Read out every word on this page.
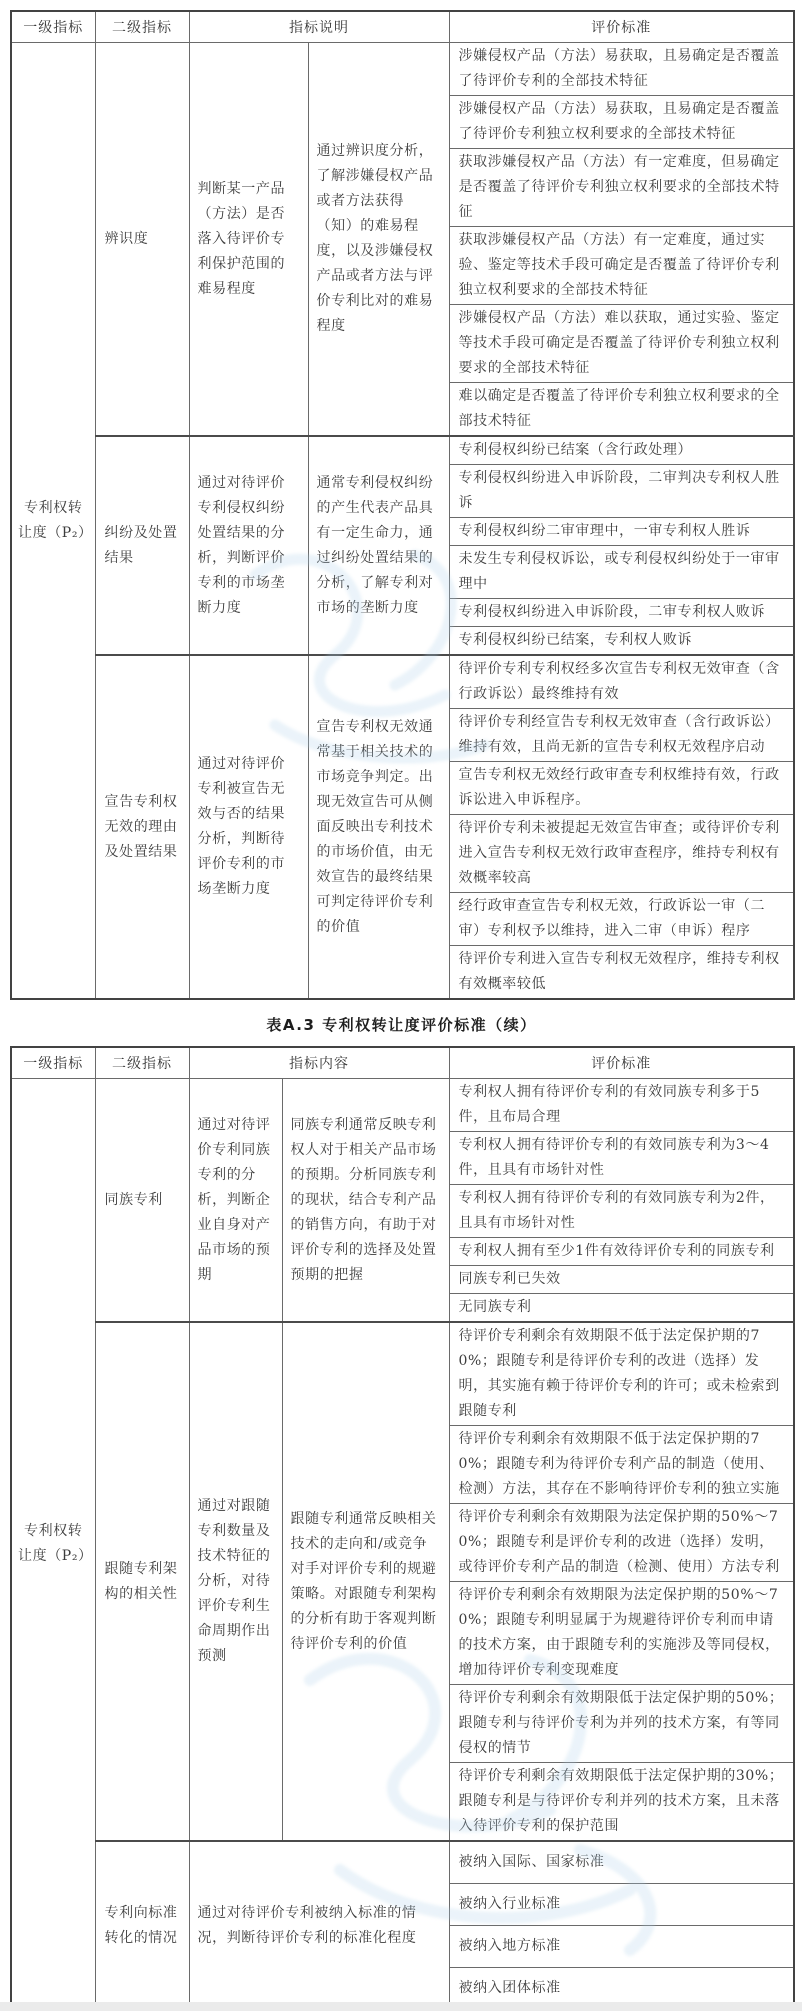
一级指标	二级指标	指标说明		评价标准
专利权转让度（P₂）	辨识度	判断某一产品（方法）是否落入待评价专利保护范围的难易程度	通过辨识度分析，了解涉嫌侵权产品或者方法获得（知）的难易程度，以及涉嫌侵权产品或者方法与评价专利比对的难易程度	涉嫌侵权产品（方法）易获取，且易确定是否覆盖了待评价专利的全部技术特征
				涉嫌侵权产品（方法）易获取，且易确定是否覆盖了待评价专利独立权利要求的全部技术特征
				获取涉嫌侵权产品（方法）有一定难度，但易确定是否覆盖了待评价专利独立权利要求的全部技术特征
				获取涉嫌侵权产品（方法）有一定难度，通过实验、鉴定等技术手段可确定是否覆盖了待评价专利独立权利要求的全部技术特征
				涉嫌侵权产品（方法）难以获取，通过实验、鉴定等技术手段可确定是否覆盖了待评价专利独立权利要求的全部技术特征
				难以确定是否覆盖了待评价专利独立权利要求的全部技术特征
	纠纷及处置结果	通过对待评价专利侵权纠纷处置结果的分析，判断评价专利的市场垄断力度	通常专利侵权纠纷的产生代表产品具有一定生命力，通过纠纷处置结果的分析，了解专利对市场的垄断力度	专利侵权纠纷已结案（含行政处理）
				专利侵权纠纷进入申诉阶段，二审判决专利权人胜诉
				专利侵权纠纷二审审理中，一审专利权人胜诉
				未发生专利侵权诉讼，或专利侵权纠纷处于一审审理中
				专利侵权纠纷进入申诉阶段，二审专利权人败诉
				专利侵权纠纷已结案，专利权人败诉
	宣告专利权无效的理由及处置结果	通过对待评价专利被宣告无效与否的结果分析，判断待评价专利的市场垄断力度	宣告专利权无效通常基于相关技术的市场竞争判定。出现无效宣告可从侧面反映出专利技术的市场价值，由无效宣告的最终结果可判定待评价专利的价值	待评价专利专利权经多次宣告专利权无效审查（含行政诉讼）最终维持有效
				待评价专利经宣告专利权无效审查（含行政诉讼）维持有效，且尚无新的宣告专利权无效程序启动
				宣告专利权无效经行政审查专利权维持有效，行政诉讼进入申诉程序。
				待评价专利未被提起无效宣告审查；或待评价专利进入宣告专利权无效行政审查程序，维持专利权有效概率较高
				经行政审查宣告专利权无效，行政诉讼一审（二审）专利权予以维持，进入二审（申诉）程序
				待评价专利进入宣告专利权无效程序，维持专利权有效概率较低
表A.3 专利权转让度评价标准（续）
一级指标	二级指标	指标内容		评价标准
专利权转让度（P₂）	同族专利	通过对待评价专利同族专利的分析，判断企业自身对产品市场的预期	同族专利通常反映专利权人对于相关产品市场的预期。分析同族专利的现状，结合专利产品的销售方向，有助于对评价专利的选择及处置预期的把握	专利权人拥有待评价专利的有效同族专利多于5件，且布局合理
				专利权人拥有待评价专利的有效同族专利为3～4件，且具有市场针对性
				专利权人拥有待评价专利的有效同族专利为2件，且具有市场针对性
				专利权人拥有至少1件有效待评价专利的同族专利
				同族专利已失效
				无同族专利
	跟随专利架构的相关性	通过对跟随专利数量及技术特征的分析，对待评价专利生命周期作出预测	跟随专利通常反映相关技术的走向和/或竞争对手对评价专利的规避策略。对跟随专利架构的分析有助于客观判断待评价专利的价值	待评价专利剩余有效期限不低于法定保护期的70%；跟随专利是待评价专利的改进（选择）发明，其实施有赖于待评价专利的许可；或未检索到跟随专利
				待评价专利剩余有效期限不低于法定保护期的70%；跟随专利为待评价专利产品的制造（使用、检测）方法，其存在不影响待评价专利的独立实施
				待评价专利剩余有效期限为法定保护期的50%～70%；跟随专利是评价专利的改进（选择）发明，或待评价专利产品的制造（检测、使用）方法专利
				待评价专利剩余有效期限为法定保护期的50%～70%；跟随专利明显属于为规避待评价专利而申请的技术方案，由于跟随专利的实施涉及等同侵权，增加待评价专利变现难度
				待评价专利剩余有效期限低于法定保护期的50%；跟随专利与待评价专利为并列的技术方案，有等同侵权的情节
				待评价专利剩余有效期限低于法定保护期的30%；跟随专利是与待评价专利并列的技术方案，且未落入待评价专利的保护范围
	专利向标准转化的情况	通过对待评价专利被纳入标准的情况，判断待评价专利的标准化程度		被纳入国际、国家标准
				被纳入行业标准
				被纳入地方标准
				被纳入团体标准
